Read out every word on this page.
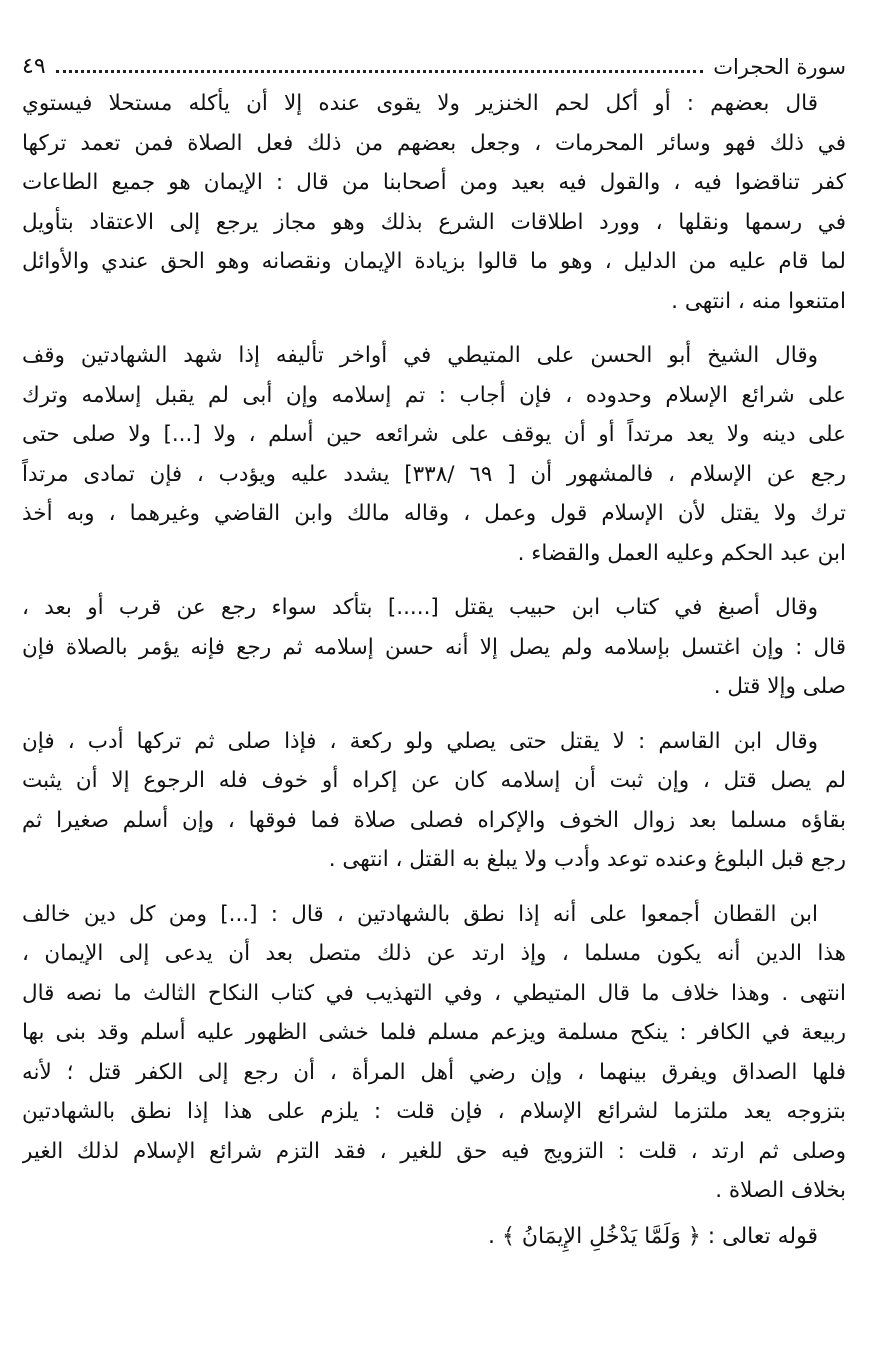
سورة الحجرات
٤٩

قال بعضهم : أو أكل لحم الخنزير ولا يقوى عنده إلا أن يأكله مستحلا فيستوي
في ذلك فهو وسائر المحرمات ، وجعل بعضهم من ذلك فعل الصلاة فمن تعمد تركها
كفر تناقضوا فيه ، والقول فيه بعيد ومن أصحابنا من قال : الإيمان هو جميع الطاعات
في رسمها ونقلها ، وورد اطلاقات الشرع بذلك وهو مجاز يرجع إلى الاعتقاد بتأويل
لما قام عليه من الدليل ، وهو ما قالوا بزيادة الإيمان ونقصانه وهو الحق عندي والأوائل
امتنعوا منه ، انتهى .

وقال الشيخ أبو الحسن على المتيطي في أواخر تأليفه إذا شهد الشهادتين وقف
على شرائع الإسلام وحدوده ، فإن أجاب : تم إسلامه وإن أبى لم يقبل إسلامه وترك
على دينه ولا يعد مرتداً أو أن يوقف على شرائعه حين أسلم ، ولا [...] ولا صلى حتى
رجع عن الإسلام ، فالمشهور أن [ ٦٩ /٣٣٨] يشدد عليه ويؤدب ، فإن تمادى مرتداً
ترك ولا يقتل لأن الإسلام قول وعمل ، وقاله مالك وابن القاضي وغيرهما ، وبه أخذ
ابن عبد الحكم وعليه العمل والقضاء .

وقال أصبغ في كتاب ابن حبيب يقتل [.....] بتأكد سواء رجع عن قرب أو بعد ،
قال : وإن اغتسل بإسلامه ولم يصل إلا أنه حسن إسلامه ثم رجع فإنه يؤمر بالصلاة فإن
صلى وإلا قتل .

وقال ابن القاسم : لا يقتل حتى يصلي ولو ركعة ، فإذا صلى ثم تركها أدب ، فإن
لم يصل قتل ، وإن ثبت أن إسلامه كان عن إكراه أو خوف فله الرجوع إلا أن يثبت
بقاؤه مسلما بعد زوال الخوف والإكراه فصلى صلاة فما فوقها ، وإن أسلم صغيرا ثم
رجع قبل البلوغ وعنده توعد وأدب ولا يبلغ به القتل ، انتهى .

ابن القطان أجمعوا على أنه إذا نطق بالشهادتين ، قال : [...] ومن كل دين خالف
هذا الدين أنه يكون مسلما ، وإذ ارتد عن ذلك متصل بعد أن يدعى إلى الإيمان ،
انتهى . وهذا خلاف ما قال المتيطي ، وفي التهذيب في كتاب النكاح الثالث ما نصه قال
ربيعة في الكافر : ينكح مسلمة ويزعم مسلم فلما خشى الظهور عليه أسلم وقد بنى بها
فلها الصداق ويفرق بينهما ، وإن رضي أهل المرأة ، أن رجع إلى الكفر قتل ؛ لأنه
بتزوجه يعد ملتزما لشرائع الإسلام ، فإن قلت : يلزم على هذا إذا نطق بالشهادتين
وصلى ثم ارتد ، قلت : التزويج فيه حق للغير ، فقد التزم شرائع الإسلام لذلك الغير
بخلاف الصلاة .

قوله تعالى : ﴿ وَلَمَّا يَدْخُلِ الإِيمَانُ ﴾ .
